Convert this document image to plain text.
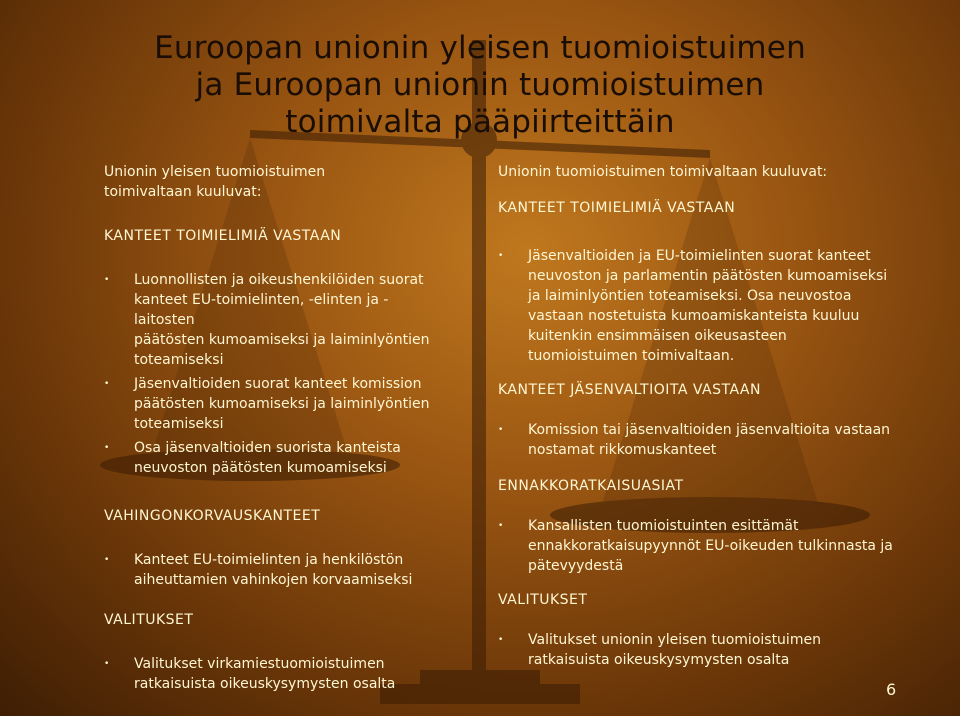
Euroopan unionin yleisen tuomioistuimen
ja Euroopan unionin tuomioistuimen
toimivalta pääpiirteittäin

Unionin yleisen tuomioistuimen

toimivaltaan kuuluvat:

KANTEET TOIMIELIMIÄ VASTAAN

• Luonnollisten ja oikeushenkilöiden suorat
kanteet EU-toimielinten, -elinten ja -laitosten
päätösten kumoamiseksi ja laiminlyöntien
toteamiseksi
• Jäsenvaltioiden suorat kanteet komission
päätösten kumoamiseksi ja laiminlyöntien
toteamiseksi
• Osa jäsenvaltioiden suorista kanteista
neuvoston päätösten kumoamiseksi

VAHINGONKORVAUSKANTEET

• Kanteet EU-toimielinten ja henkilöstön
aiheuttamien vahinkojen korvaamiseksi

VALITUKSET

• Valitukset virkamiestuomioistuimen
ratkaisuista oikeuskysymysten osalta

Unionin tuomioistuimen toimivaltaan kuuluvat:

KANTEET TOIMIELIMIÄ VASTAAN

• Jäsenvaltioiden ja EU-toimielinten suorat kanteet
neuvoston ja parlamentin päätösten kumoamiseksi
ja laiminlyöntien toteamiseksi. Osa neuvostoa
vastaan nostetuista kumoamiskanteista kuuluu
kuitenkin ensimmäisen oikeusasteen
tuomioistuimen toimivaltaan.

KANTEET JÄSENVALTIOITA VASTAAN

• Komission tai jäsenvaltioiden jäsenvaltioita vastaan
nostamat rikkomuskanteet

ENNAKKORATKAISUASIAT

• Kansallisten tuomioistuinten esittämät
ennakkoratkaisupyynnöt EU-oikeuden tulkinnasta ja
pätevyydestä

VALITUKSET

• Valitukset unionin yleisen tuomioistuimen
ratkaisuista oikeuskysymysten osalta
6
